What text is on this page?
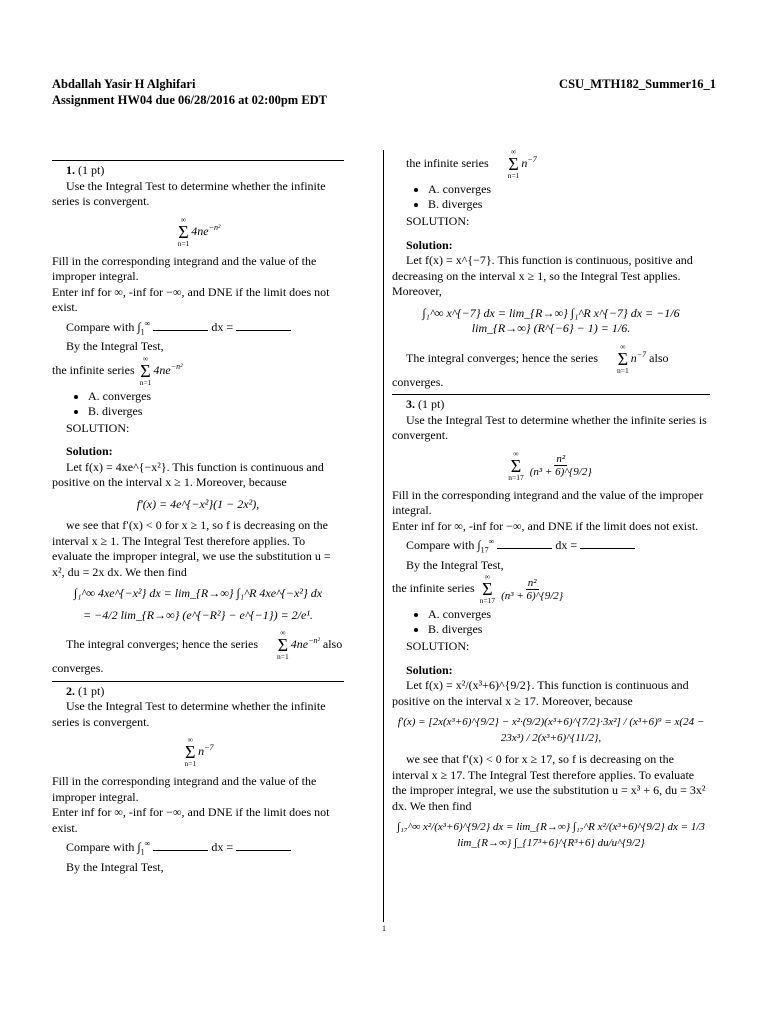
Abdallah Yasir H Alghifari
Assignment HW04 due 06/28/2016 at 02:00pm EDT
CSU_MTH182_Summer16_1

1. (1 pt)

Use the Integral Test to determine whether the infinite series is convergent.

∞
Σ
n=1
$4ne^{-n^2}$

Fill in the corresponding integrand and the value of the improper integral.

Enter inf for ∞, -inf for −∞, and DNE if the limit does not exist.

Compare with $\int_1^\infty$	dx =

By the Integral Test,

the infinite series
∞
Σ
n=1
$4ne^{-n^2}$

• A. converges
• B. diverges

SOLUTION:

Solution:

Let f(x) = 4xe^{−x²}. This function is continuous and positive on the interval x ≥ 1. Moreover, because

f′(x) = 4e^{−x²}(1 − 2x²),

we see that f′(x) < 0 for x ≥ 1, so f is decreasing on the interval x ≥ 1. The Integral Test therefore applies. To evaluate the improper integral, we use the substitution u = x², du = 2x dx. We then find

∫₁^∞ 4xe^{−x²} dx = lim_{R→∞} ∫₁^R 4xe^{−x²} dx

= −4/2 lim_{R→∞} (e^{−R²} − e^{−1}) = 2/e¹.

The integral converges; hence the series
∞
Σ
n=1
$4ne^{-n^2}$ also converges.

2. (1 pt)

Use the Integral Test to determine whether the infinite series is convergent.

∞
Σ
n=1
$n^{-7}$

Fill in the corresponding integrand and the value of the improper integral.

Enter inf for ∞, -inf for −∞, and DNE if the limit does not exist.

Compare with $\int_1^\infty$	dx =

By the Integral Test,

the infinite series
∞
Σ
n=1
$n^{-7}$

• A. converges
• B. diverges

SOLUTION:

Solution:

Let f(x) = x^{−7}. This function is continuous, positive and decreasing on the interval x ≥ 1, so the Integral Test applies. Moreover,

∫₁^∞ x^{−7} dx = lim_{R→∞} ∫₁^R x^{−7} dx = −1/6 lim_{R→∞} (R^{−6} − 1) = 1/6.

The integral converges; hence the series
∞
Σ
n=1
$n^{-7}$ also converges.

3. (1 pt)

Use the Integral Test to determine whether the infinite series is convergent.

∞
Σ
$n=17 \frac{\text{n²}}{\text{(n³ + 6)\textasciicircum{}\{9/2\}}}$

Fill in the corresponding integrand and the value of the improper integral.

Enter inf for ∞, -inf for −∞, and DNE if the limit does not exist.

Compare with $\int_{17}^\infty$	dx =

By the Integral Test,

the infinite series
∞
Σ
$n=17 \frac{\text{n²}}{\text{(n³ + 6)\textasciicircum{}\{9/2\}}}$

• A. converges
• B. diverges

SOLUTION:

Solution:

Let f(x) = x²/(x³+6)^{9/2}. This function is continuous and positive on the interval x ≥ 17. Moreover, because

f′(x) = [2x(x³+6)^{9/2} − x²·(9/2)(x³+6)^{7/2}·3x²] / (x³+6)⁹ = x(24 − 23x³) / 2(x³+6)^{11/2},

we see that f′(x) < 0 for x ≥ 17, so f is decreasing on the interval x ≥ 17. The Integral Test therefore applies. To evaluate the improper integral, we use the substitution u = x³ + 6, du = 3x² dx. We then find

∫₁₇^∞ x²/(x³+6)^{9/2} dx = lim_{R→∞} ∫₁₇^R x²/(x³+6)^{9/2} dx = 1/3 lim_{R→∞} ∫_{17³+6}^{R³+6} du/u^{9/2}

1
